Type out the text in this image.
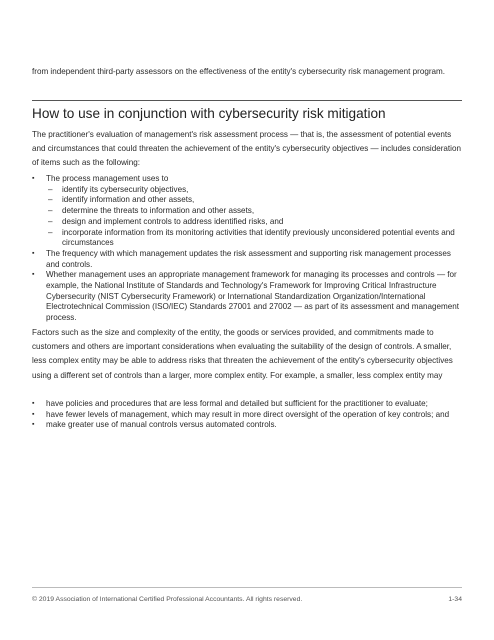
from independent third-party assessors on the effectiveness of the entity's cybersecurity risk management program.

How to use in conjunction with cybersecurity risk mitigation

The practitioner's evaluation of management's risk assessment process — that is, the assessment of potential events and circumstances that could threaten the achievement of the entity's cybersecurity objectives — includes consideration of items such as the following:

▪ The process management uses to
– identify its cybersecurity objectives,
– identify information and other assets,
– determine the threats to information and other assets,
– design and implement controls to address identified risks, and
– incorporate information from its monitoring activities that identify previously unconsidered potential events and circumstances
▪ The frequency with which management updates the risk assessment and supporting risk management processes and controls.
▪ Whether management uses an appropriate management framework for managing its processes and controls — for example, the National Institute of Standards and Technology's Framework for Improving Critical Infrastructure Cybersecurity (NIST Cybersecurity Framework) or International Standardization Organization/International Electrotechnical Commission (ISO/IEC) Standards 27001 and 27002 — as part of its assessment and management process.

Factors such as the size and complexity of the entity, the goods or services provided, and commitments made to customers and others are important considerations when evaluating the suitability of the design of controls. A smaller, less complex entity may be able to address risks that threaten the achievement of the entity's cybersecurity objectives using a different set of controls than a larger, more complex entity. For example, a smaller, less complex entity may

▪ have policies and procedures that are less formal and detailed but sufficient for the practitioner to evaluate;
▪ have fewer levels of management, which may result in more direct oversight of the operation of key controls; and
▪ make greater use of manual controls versus automated controls.
© 2019 Association of International Certified Professional Accountants. All rights reserved.	1-34
